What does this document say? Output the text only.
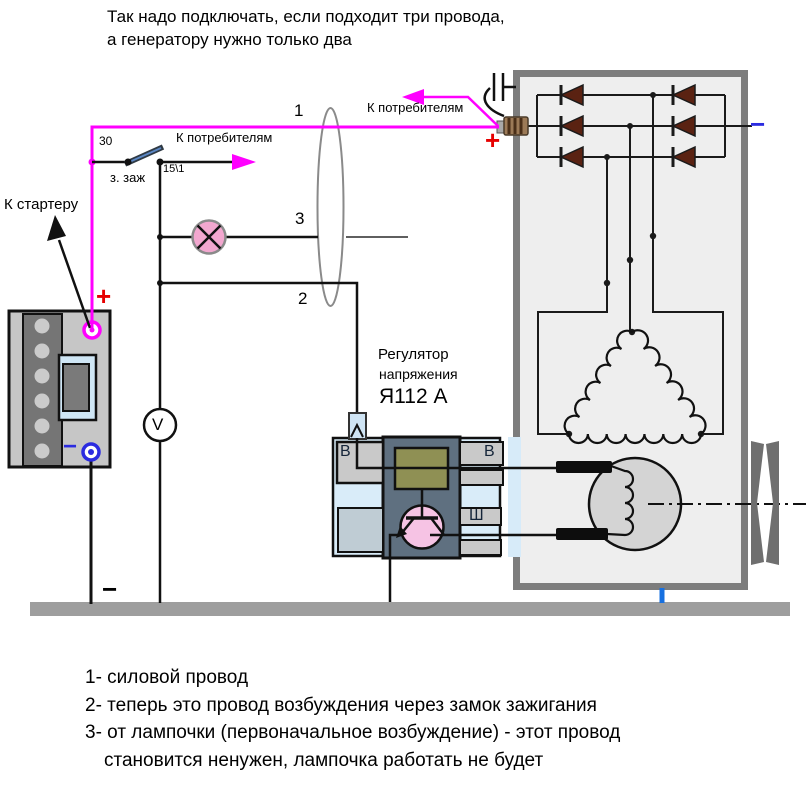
Так надо подключать, если подходит три провода,
а генератору нужно только два
К стартеру
30	К потребителям
з. заж
15\1
1
3
2
К потребителям
+
−
+
−
−
V
Регулятор
напряжения
Я112 А
В	В
Ш
1- силовой провод
2- теперь это провод возбуждения через замок зажигания
3- от лампочки (первоначальное возбуждение) - этот провод
становится ненужен, лампочка работать не будет
